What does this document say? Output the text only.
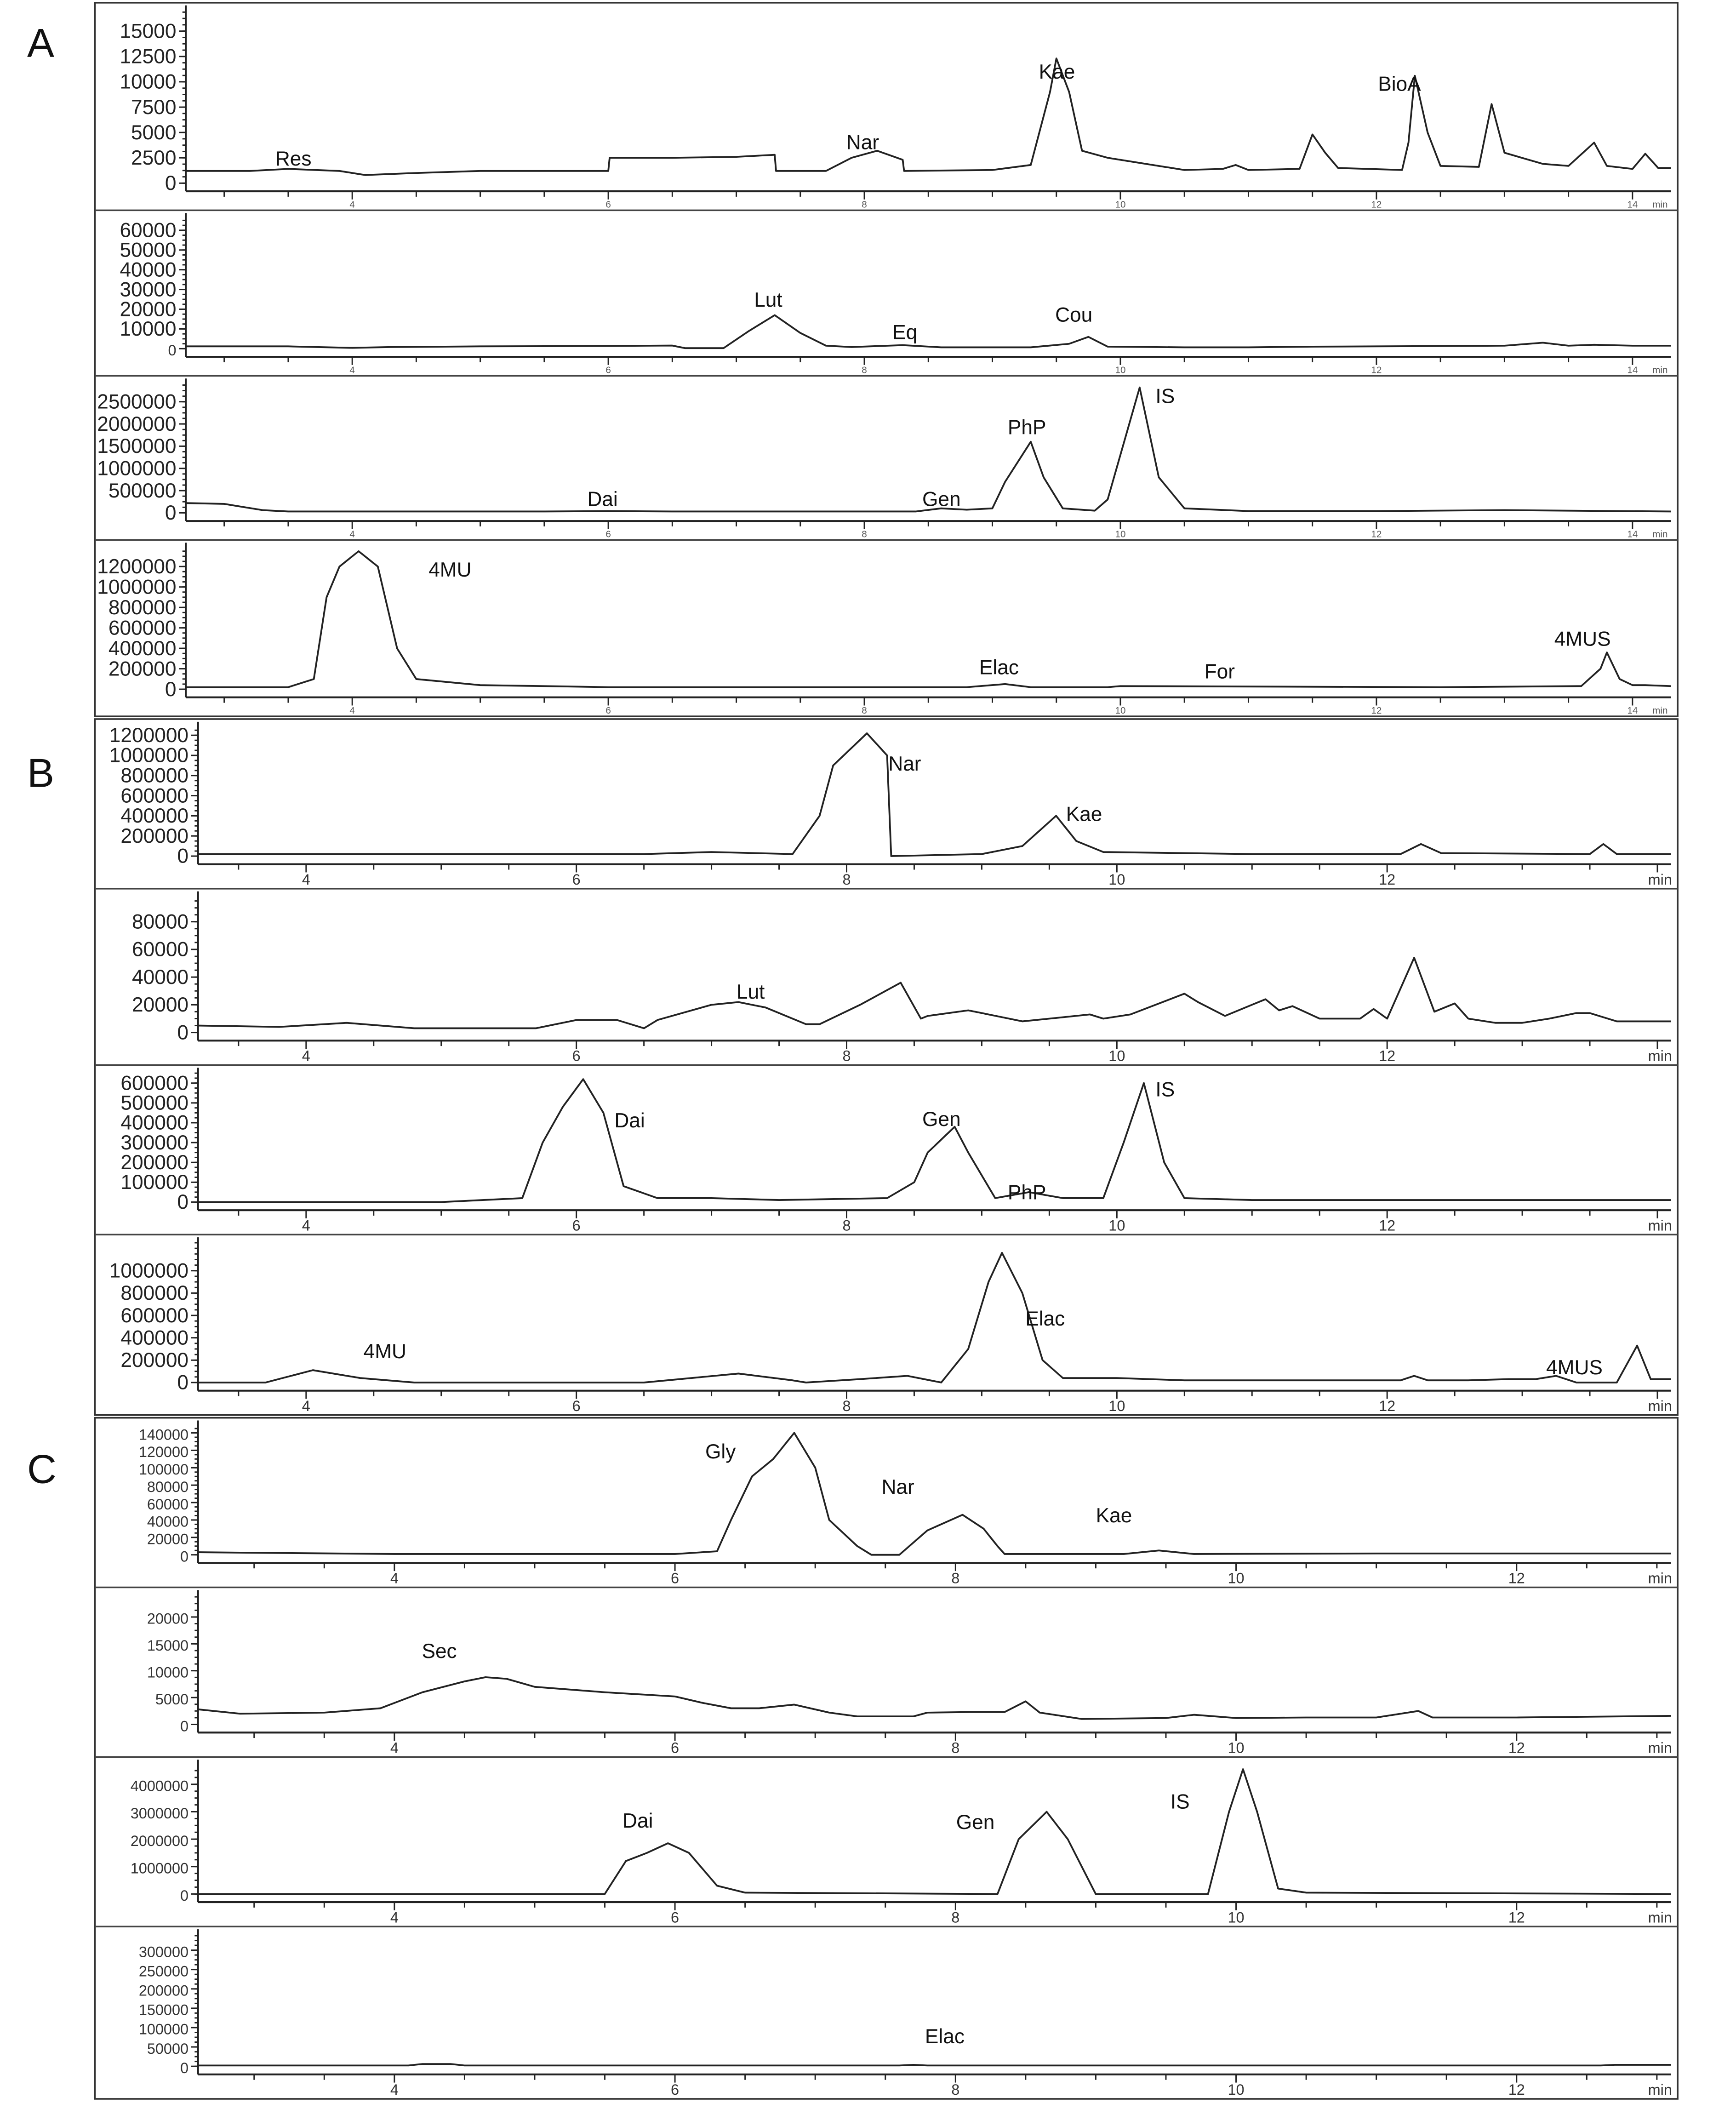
A
B
C
0
2500
5000
7500
10000
12500
15000
4	6	8	10	12	14	min
Res
Nar
Kae
BioA
0
10000
20000
30000
40000
50000
60000
4	6	8	10	12	14	min
Lut
Eq
Cou
0
500000
1000000
1500000
2000000
2500000
4	6	8	10	12	14	min
Dai	Gen
PhP
IS
0
200000
400000
600000
800000
1000000
1200000
4	6	8	10	12	14	min
4MU
Elac	For
4MUS
0
200000
400000
600000
800000
1000000
1200000
4	6	8	10	12	min
Nar
Kae
0
20000
40000
60000
80000
4	6	8	10	12	min
Lut
0
100000
200000
300000
400000
500000
600000
4	6	8	10	12	min
Dai	Gen
PhP
IS
0
200000
400000
600000
800000
1000000
4	6	8	10	12	min
4MU
Elac
4MUS
0
20000
40000
60000
80000
100000
120000
140000
4	6	8	10	12	min
Gly
Nar
Kae
0
5000
10000
15000
20000
4	6	8	10	12	min
Sec
0
1000000
2000000
3000000
4000000
4	6	8	10	12	min
Dai	Gen
IS
0
50000
100000
150000
200000
250000
300000
4	6	8	10	12	min
Elac
